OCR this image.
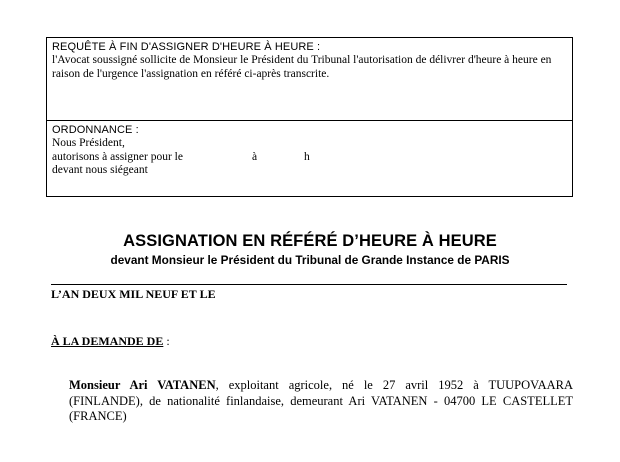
REQUÊTE À FIN D'ASSIGNER D'HEURE À HEURE :
l'Avocat soussigné sollicite de Monsieur le Président du Tribunal l'autorisation de délivrer d'heure à heure en raison de l'urgence l'assignation en référé ci-après transcrite.
ORDONNANCE :
Nous Président,
autorisons à assigner pour le	à	h
devant nous siégeant
ASSIGNATION EN RÉFÉRÉ D’HEURE À HEURE
devant Monsieur le Président du Tribunal de Grande Instance de PARIS
L’AN DEUX MIL NEUF ET LE
À LA DEMANDE DE :
Monsieur Ari VATANEN, exploitant agricole, né le 27 avril 1952 à TUUPOVAARA (FINLANDE), de nationalité finlandaise, demeurant Ari VATANEN - 04700 LE CASTELLET (FRANCE)
